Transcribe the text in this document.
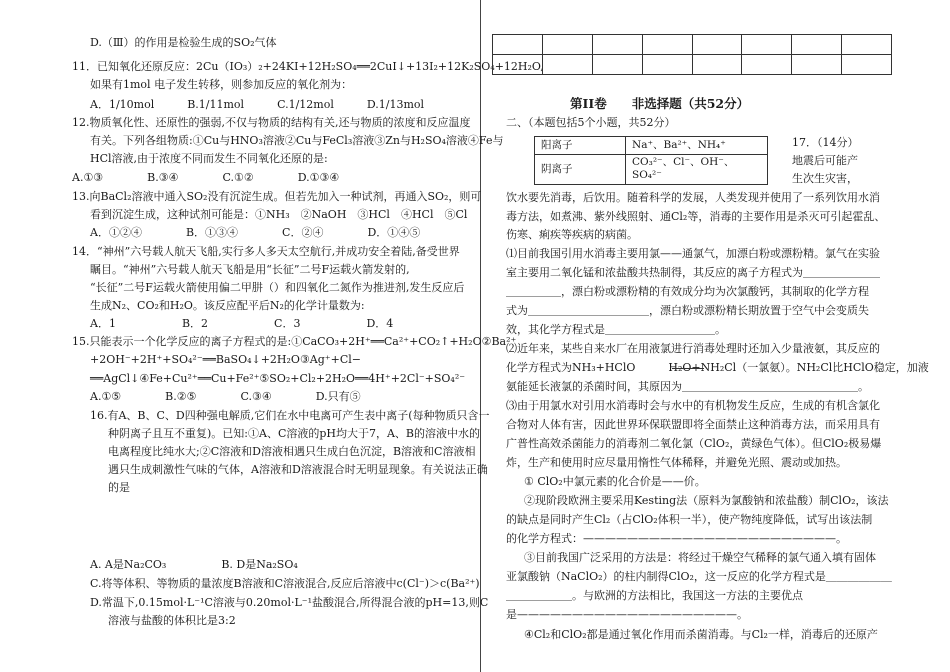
D.（Ⅲ）的作用是检验生成的SO₂气体
11．已知氧化还原反应：2Cu（IO₃）₂+24KI+12H₂SO₄══2CuI↓+13I₂+12K₂SO₄+12H₂O,
如果有1mol 电子发生转移，则参加反应的氧化剂为：
A．1/10mol　　　B.1/11mol　　　C.1/12mol　　　D.1/13mol
12.物质氧化性、还原性的强弱,不仅与物质的结构有关,还与物质的浓度和反应温度
有关。下列各组物质:①Cu与HNO₃溶液②Cu与FeCl₃溶液③Zn与H₂SO₄溶液④Fe与
HCl溶液,由于浓度不同而发生不同氧化还原的是:
A.①③　　　　B.③④　　　　C.①②　　　　D.①③④
13.向BaCl₂溶液中通入SO₂没有沉淀生成。但若先加入一种试剂，再通入SO₂，则可
看到沉淀生成，这种试剂可能是：①NH₃　②NaOH　③HCl　④HCl　⑤Cl
A．①②④　　　　B．①③④　　　　C．②④　　　　D．①④⑤
14．“神州”六号载人航天飞船,实行多人多天太空航行,并成功安全着陆,备受世界
瞩目。“神州”六号载人航天飞船是用“长征”二号F运载火箭发射的,
“长征”二号F运载火箭使用偏二甲肼（）和四氧化二氮作为推进剂,发生反应后
生成N₂、CO₂和H₂O。该反应配平后N₂的化学计量数为:
A．1　　　　　　B．2　　　　　　C．3　　　　　　D．4
15.只能表示一个化学反应的离子方程式的是:①CaCO₃+2H⁺══Ca²⁺+CO₂↑+H₂O②Ba²⁺
+2OH⁻+2H⁺+SO₄²⁻══BaSO₄↓+2H₂O③Ag⁺+Cl−
══AgCl↓④Fe+Cu²⁺══Cu+Fe²⁺⑤SO₂+Cl₂+2H₂O══4H⁺+2Cl⁻+SO₄²⁻
A.①⑤　　　　B.②⑤　　　　C.③④　　　　D.只有⑤
16.有A、B、C、D四种强电解质,它们在水中电离可产生表中离子(每种物质只含一
种阴离子且互不重复)。已知:①A、C溶液的pH均大于7，A、B的溶液中水的
电离程度比纯水大;②C溶液和D溶液相遇只生成白色沉淀，B溶液和C溶液相
遇只生成刺激性气味的气体，A溶液和D溶液混合时无明显现象。有关说法正确
的是
A. A是Na₂CO₃　　　　　B. D是Na₂SO₄
C.将等体积、等物质的量浓度B溶液和C溶液混合,反应后溶液中c(Cl⁻)＞c(Ba²⁺)
D.常温下,0.15mol·L⁻¹C溶液与0.20mol·L⁻¹盐酸混合,所得混合液的pH=13,则C
溶液与盐酸的体积比是3:2

第II卷　　非选择题（共52分）
二、（本题包括5个小题，共52分）
阳离子	Na⁺、Ba²⁺、NH₄⁺
阴离子	CO₃²⁻、Cl⁻、OH⁻、SO₄²⁻
17．（14分）
地震后可能产
生次生灾害，
饮水要先消毒，后饮用。随着科学的发展，人类发现并使用了一系列饮用水消
毒方法，如煮沸、紫外线照射、通Cl₂等，消毒的主要作用是杀灭可引起霍乱、
伤寒、痢疾等疾病的病菌。
⑴目前我国引用水消毒主要用氯——通氯气，加漂白粉或漂粉精。氯气在实验
室主要用二氧化锰和浓盐酸共热制得，其反应的离子方程式为＿＿＿＿＿＿＿
＿＿＿＿＿，漂白粉或漂粉精的有效成分均为次氯酸钙，其制取的化学方程
式为＿＿＿＿＿＿＿＿＿＿＿，漂白粉或漂粉精长期放置于空气中会变质失
效，其化学方程式是＿＿＿＿＿＿＿＿＿＿。
⑵近年来，某些自来水厂在用液氯进行消毒处理时还加入少量液氨，其反应的
化学方程式为NH₃+HClO　　　H₂O+NH₂Cl（一氯氨）。NH₂Cl比HClO稳定，加液
氨能延长液氯的杀菌时间，其原因为＿＿＿＿＿＿＿＿＿＿＿＿＿＿＿＿。
⑶由于用氯水对引用水消毒时会与水中的有机物发生反应，生成的有机含氯化
合物对人体有害，因此世界环保联盟即将全面禁止这种消毒方法，而采用具有
广普性高效杀菌能力的消毒剂二氧化氯（ClO₂，黄绿色气体）。但ClO₂极易爆
炸，生产和使用时应尽量用惰性气体稀释，并避免光照、震动或加热。
① ClO₂中氯元素的化合价是——价。
②现阶段欧洲主要采用Kesting法（原料为氯酸钠和浓盐酸）制ClO₂，该法
的缺点是同时产生Cl₂（占ClO₂体积一半），使产物纯度降低，试写出该法制
的化学方程式：———————————————————————。
③目前我国广泛采用的方法是：将经过干燥空气稀释的氯气通入填有固体
亚氯酸钠（NaClO₂）的柱内制得ClO₂，这一反应的化学方程式是＿＿＿＿＿＿
＿＿＿＿＿＿。与欧洲的方法相比，我国这一方法的主要优点
是————————————————————。
④Cl₂和ClO₂都是通过氧化作用而杀菌消毒。与Cl₂一样，消毒后的还原产
